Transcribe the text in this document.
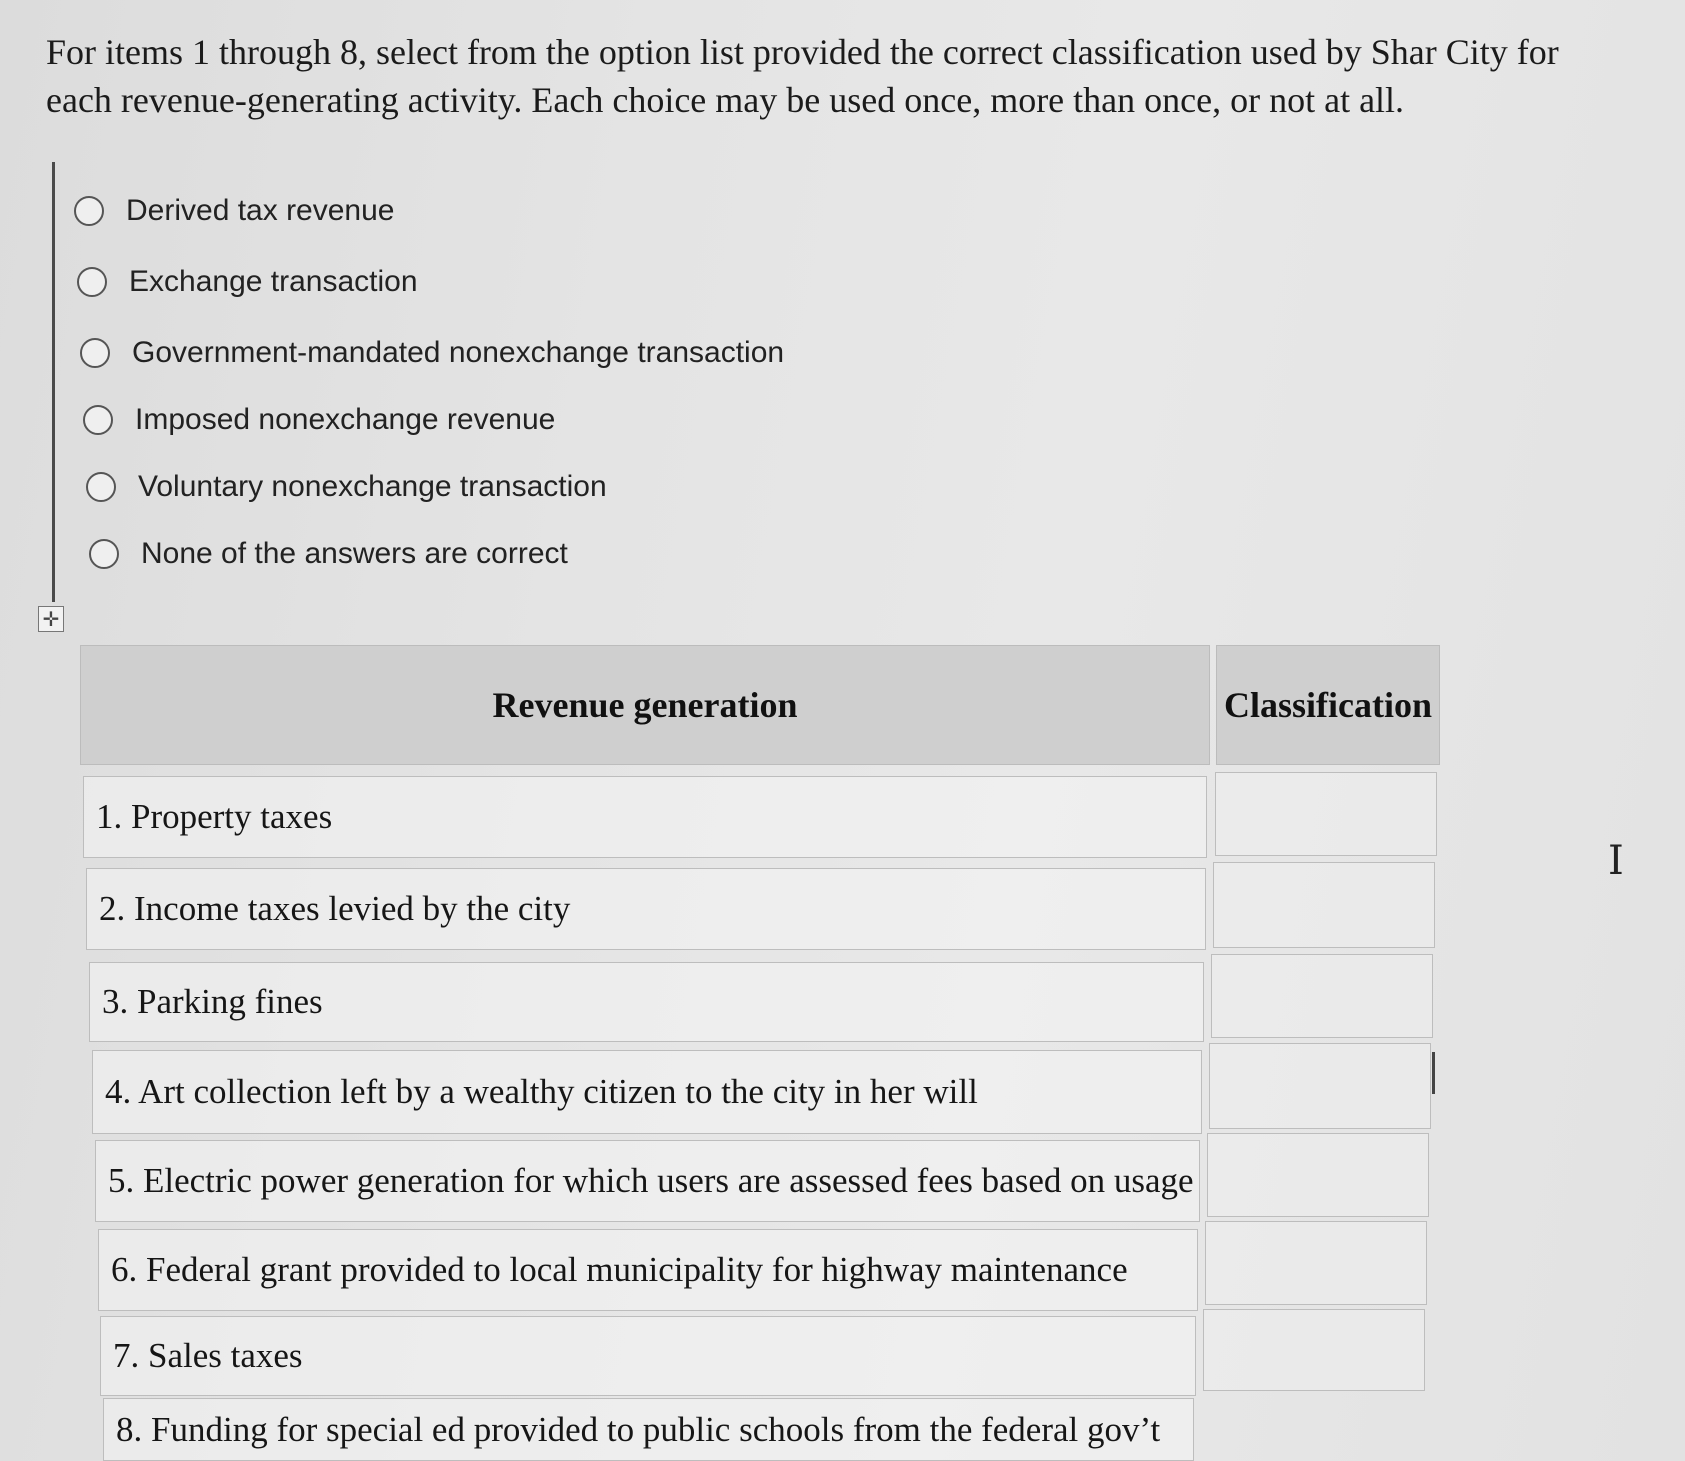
For items 1 through 8, select from the option list provided the correct classification used by Shar City for each revenue-generating activity. Each choice may be used once, more than once, or not at all.
Derived tax revenue
Exchange transaction
Government-mandated nonexchange transaction
Imposed nonexchange revenue
Voluntary nonexchange transaction
None of the answers are correct
✛
Revenue generation	Classification
1. Property taxes
2. Income taxes levied by the city
3. Parking fines
4. Art collection left by a wealthy citizen to the city in her will
5. Electric power generation for which users are assessed fees based on usage
6. Federal grant provided to local municipality for highway maintenance
7. Sales taxes
8. Funding for special ed provided to public schools from the federal gov’t
I
